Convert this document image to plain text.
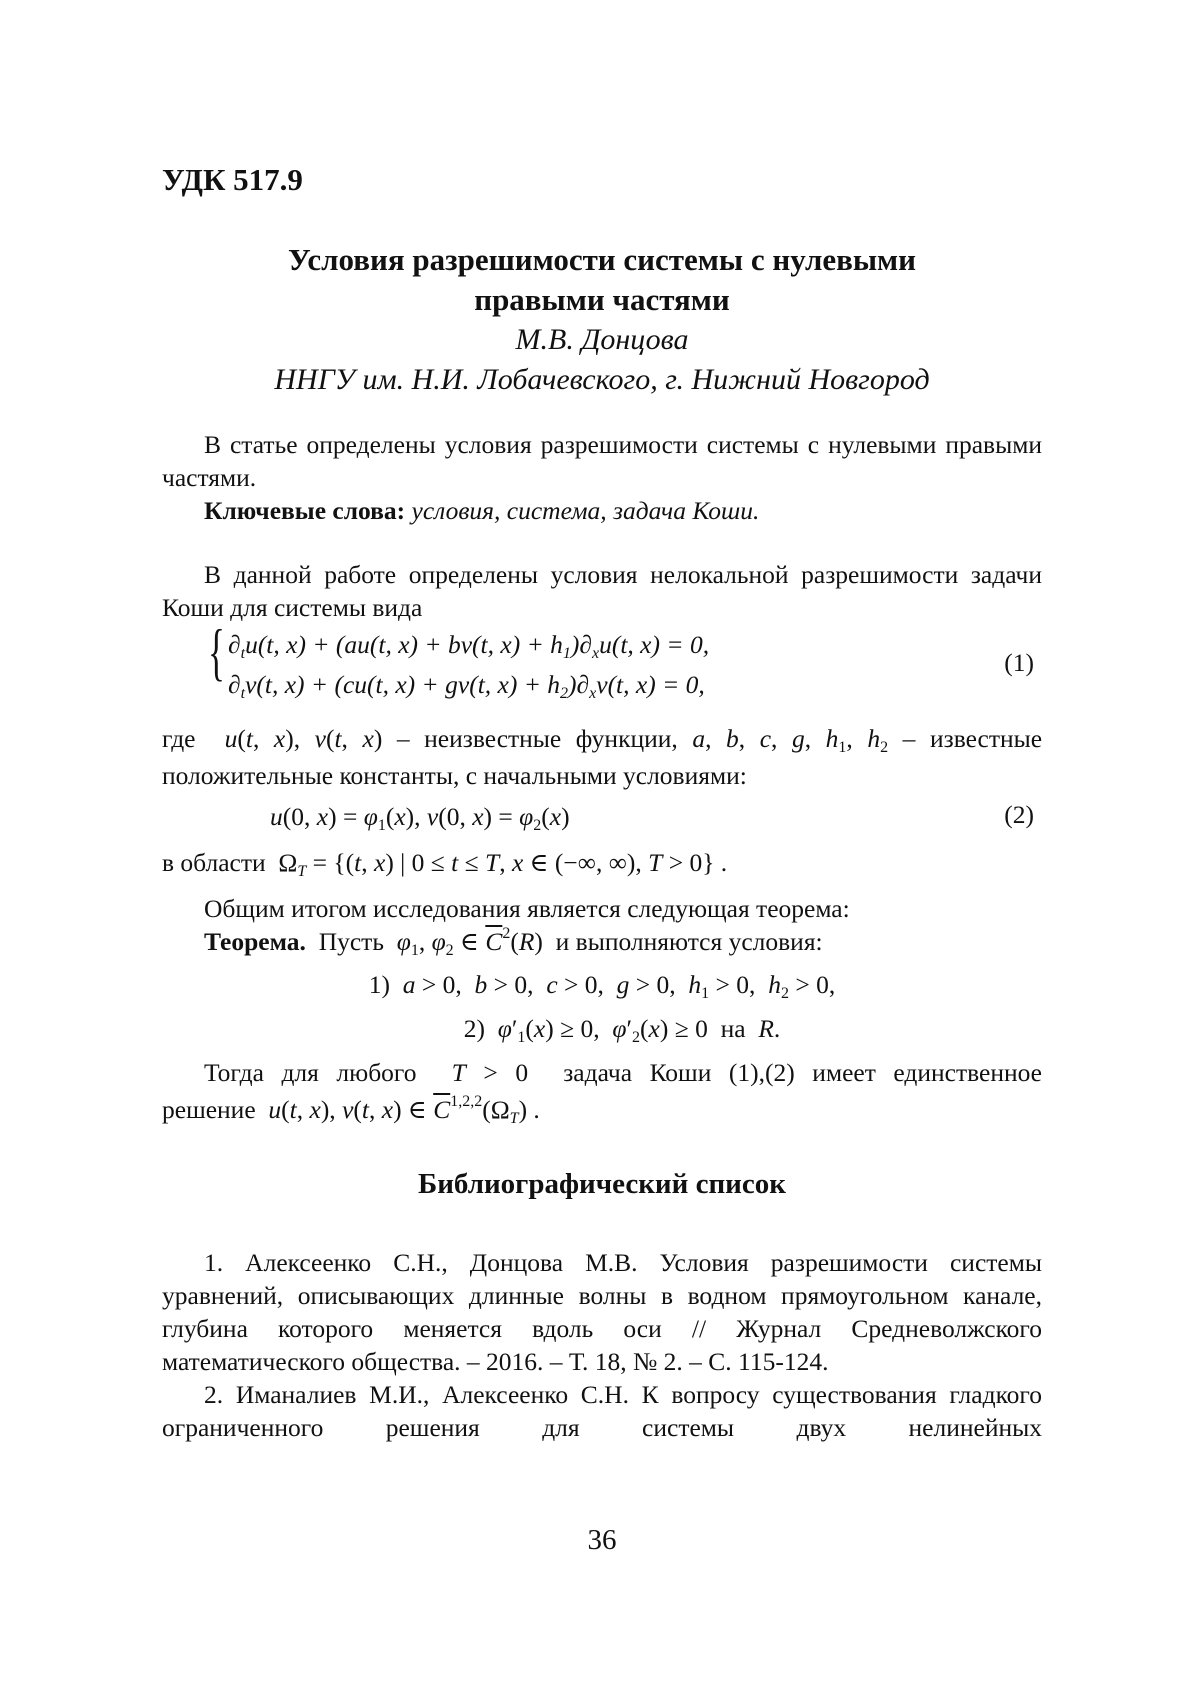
УДК 517.9
Условия разрешимости системы с нулевыми
правыми частями
М.В. Донцова
ННГУ им. Н.И. Лобачевского, г. Нижний Новгород

В статье определены условия разрешимости системы с нулевыми правыми частями.

Ключевые слова: условия, система, задача Коши.

В данной работе определены условия нелокальной разрешимости задачи Коши для системы вида

{ $\partial_tu(t$, x) + (au(t, x) + bv(t, $x) + h_1)\partial_xu(t$, x) = 0,
$\partial_tv(t$, x) + (cu(t, x) + gv(t, $x) + h_2)\partial_xv(t$, x) = 0,
(1)

где u(t, x), v(t, x) – неизвестные функции, a, b, c, g, $h_1$, $h_2$ – известные

положительные константы, с начальными условиями:

u(0, $x) = \varphi_1(x)$, v(0, $x) = \varphi_2(x)$	(2)

в области  $\Omega_T = \{(t$, x) | 0 ≤ t ≤ T, x ∈ (−∞, ∞), T > 0} .

Общим итогом исследования является следующая теорема:

Теорема. Пусть $\varphi_1$, $\varphi_2$ ∈ $\overline{C}^2(R)$  и выполняются условия:

1) a > 0,  b > 0,  c > 0,  g > 0,  $h_1 > 0$,  $h_2 > 0$,
2) $\varphi'_1(x) \ge 0$,  $\varphi'_2(x) \ge 0$  на R.

Тогда для любого T > 0  задача Коши (1),(2) имеет единственное

решение u(t, x), v(t, x) ∈ $\overline{C}^{1,2,2}(\Omega_T)$ .

Библиографический список

1. Алексеенко С.Н., Донцова М.В. Условия разрешимости системы уравнений, описывающих длинные волны в водном прямоугольном канале, глубина которого меняется вдоль оси // Журнал Средневолжского математического общества. – 2016. – Т. 18, № 2. – С. 115-124.

2. Иманалиев М.И., Алексеенко С.Н. К вопросу существования гладкого ограниченного решения для системы двух нелинейных

36
